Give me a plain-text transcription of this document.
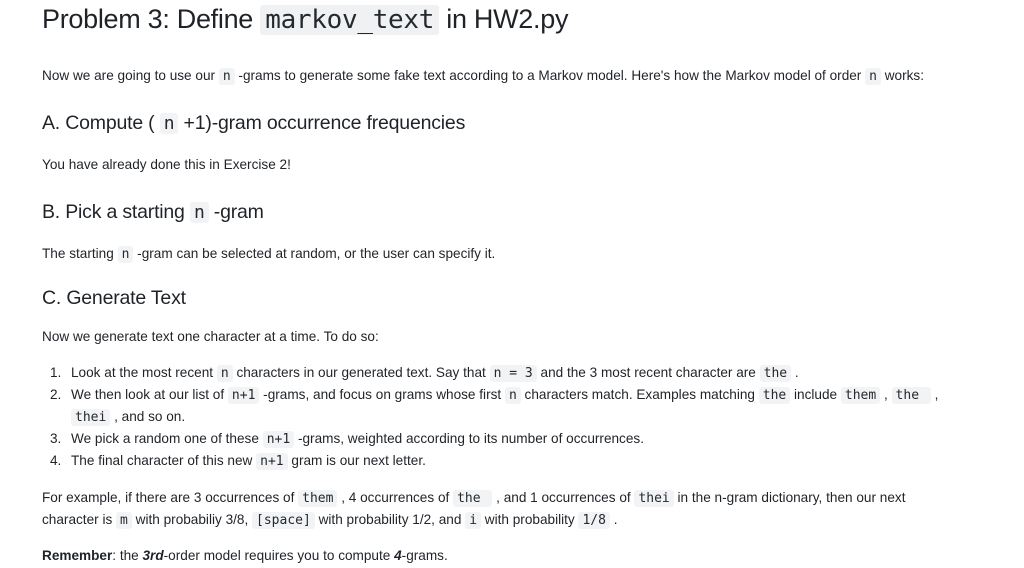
Problem 3: Define markov_text in HW2.py

Now we are going to use our n -grams to generate some fake text according to a Markov model. Here's how the Markov model of order n works:

A. Compute ( n +1)-gram occurrence frequencies

You have already done this in Exercise 2!

B. Pick a starting n -gram

The starting n -gram can be selected at random, or the user can specify it.

C. Generate Text

Now we generate text one character at a time. To do so:

1. Look at the most recent n characters in our generated text. Say that n = 3 and the 3 most recent character are the .
2. We then look at our list of n+1 -grams, and focus on grams whose first n characters match. Examples matching the include them , the  ,
thei , and so on.
3. We pick a random one of these n+1 -grams, weighted according to its number of occurrences.
4. The final character of this new n+1 gram is our next letter.

For example, if there are 3 occurrences of them , 4 occurrences of the  , and 1 occurrences of thei in the n-gram dictionary, then our next

character is m with probabiliy 3/8, [space] with probability 1/2, and i with probability 1/8 .

Remember: the 3rd-order model requires you to compute 4-grams.
